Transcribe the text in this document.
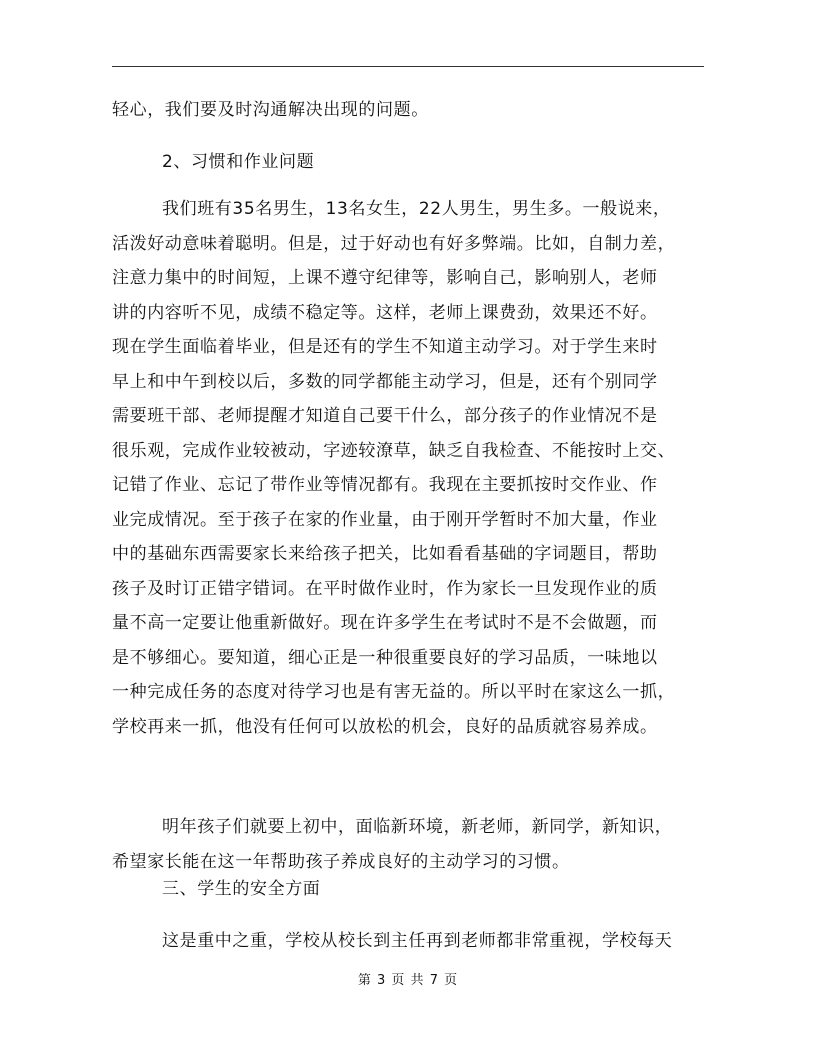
轻心，我们要及时沟通解决出现的问题。
2、习惯和作业问题
我们班有35名男生，13名女生，22人男生，男生多。一般说来，
活泼好动意味着聪明。但是，过于好动也有好多弊端。比如，自制力差，
注意力集中的时间短，上课不遵守纪律等，影响自己，影响别人，老师
讲的内容听不见，成绩不稳定等。这样，老师上课费劲，效果还不好。
现在学生面临着毕业，但是还有的学生不知道主动学习。对于学生来时
早上和中午到校以后，多数的同学都能主动学习，但是，还有个别同学
需要班干部、老师提醒才知道自己要干什么，部分孩子的作业情况不是
很乐观，完成作业较被动，字迹较潦草，缺乏自我检查、不能按时上交、
记错了作业、忘记了带作业等情况都有。我现在主要抓按时交作业、作
业完成情况。至于孩子在家的作业量，由于刚开学暂时不加大量，作业
中的基础东西需要家长来给孩子把关，比如看看基础的字词题目，帮助
孩子及时订正错字错词。在平时做作业时，作为家长一旦发现作业的质
量不高一定要让他重新做好。现在许多学生在考试时不是不会做题，而
是不够细心。要知道，细心正是一种很重要良好的学习品质，一味地以
一种完成任务的态度对待学习也是有害无益的。所以平时在家这么一抓，
学校再来一抓，他没有任何可以放松的机会，良好的品质就容易养成。
明年孩子们就要上初中，面临新环境，新老师，新同学，新知识，
希望家长能在这一年帮助孩子养成良好的主动学习的习惯。
三、学生的安全方面
这是重中之重，学校从校长到主任再到老师都非常重视，学校每天
第 3 页 共 7 页
